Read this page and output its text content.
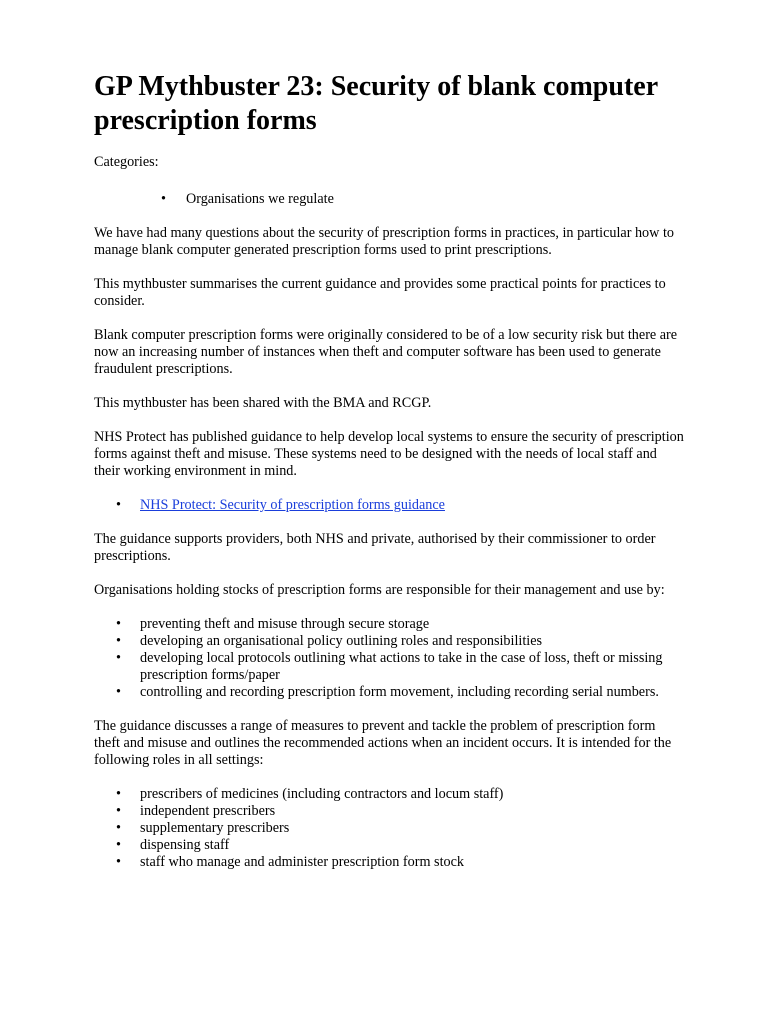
GP Mythbuster 23: Security of blank computer prescription forms

Categories:

• Organisations we regulate

We have had many questions about the security of prescription forms in practices, in particular how to manage blank computer generated prescription forms used to print prescriptions.

This mythbuster summarises the current guidance and provides some practical points for practices to consider.

Blank computer prescription forms were originally considered to be of a low security risk but there are now an increasing number of instances when theft and computer software has been used to generate fraudulent prescriptions.

This mythbuster has been shared with the BMA and RCGP.

NHS Protect has published guidance to help develop local systems to ensure the security of prescription forms against theft and misuse. These systems need to be designed with the needs of local staff and their working environment in mind.

• NHS Protect: Security of prescription forms guidance

The guidance supports providers, both NHS and private, authorised by their commissioner to order prescriptions.

Organisations holding stocks of prescription forms are responsible for their management and use by:

• preventing theft and misuse through secure storage
• developing an organisational policy outlining roles and responsibilities
• developing local protocols outlining what actions to take in the case of loss, theft or missing prescription forms/paper
• controlling and recording prescription form movement, including recording serial numbers.

The guidance discusses a range of measures to prevent and tackle the problem of prescription form theft and misuse and outlines the recommended actions when an incident occurs. It is intended for the following roles in all settings:

• prescribers of medicines (including contractors and locum staff)
• independent prescribers
• supplementary prescribers
• dispensing staff
• staff who manage and administer prescription form stock
